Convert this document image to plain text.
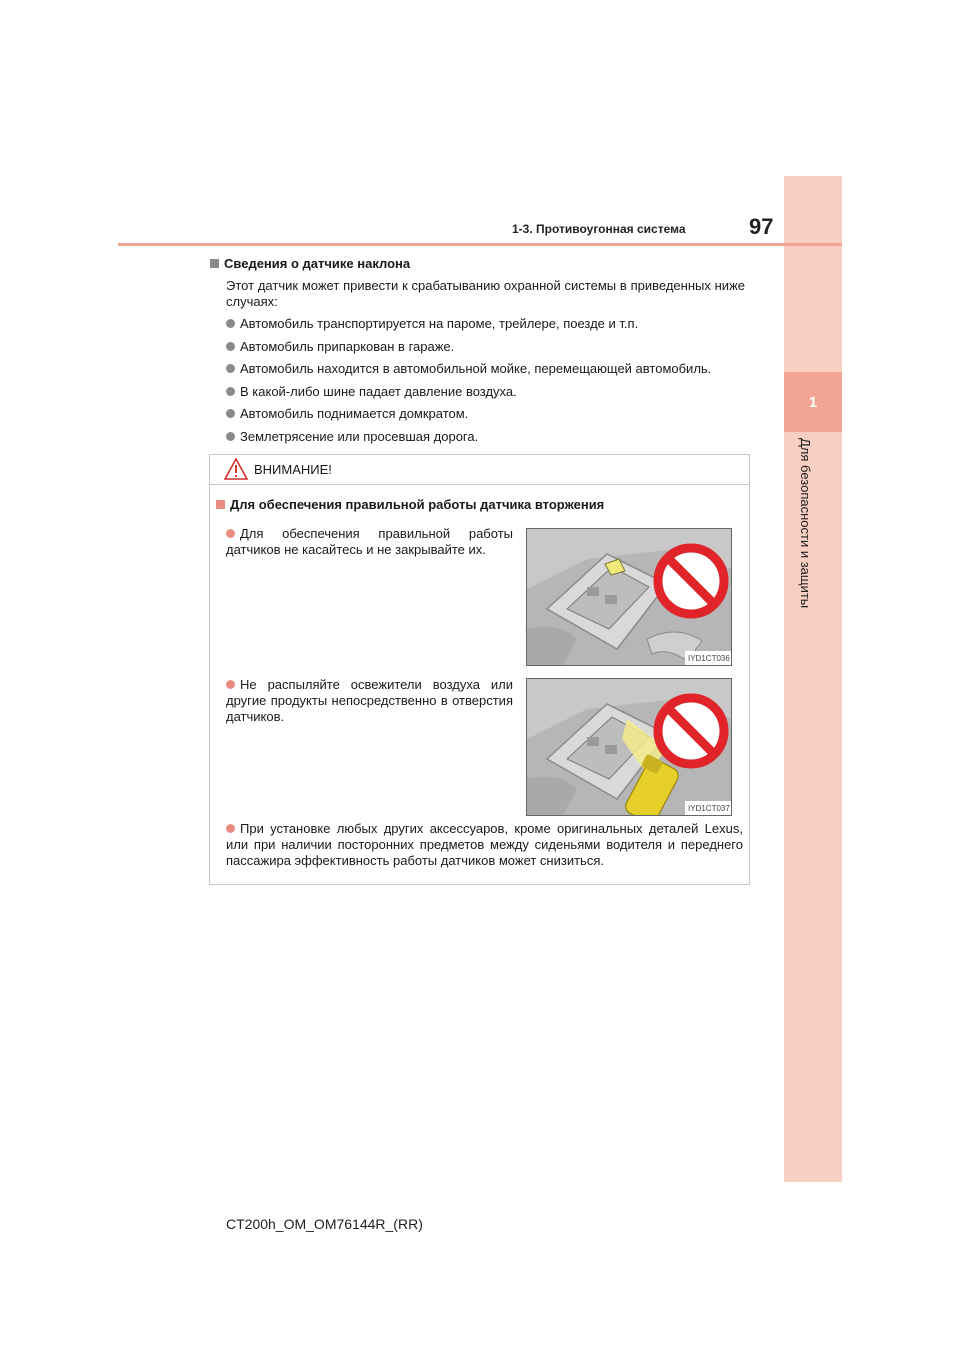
1
Для безопасности и защиты
1-3. Противоугонная система	97
Сведения о датчике наклона
Этот датчик может привести к срабатыванию охранной системы в приведенных ниже случаях:
Автомобиль транспортируется на пароме, трейлере, поезде и т.п.
Автомобиль припаркован в гараже.
Автомобиль находится в автомобильной мойке, перемещающей автомобиль.
В какой-либо шине падает давление воздуха.
Автомобиль поднимается домкратом.
Землетрясение или просевшая дорога.
ВНИМАНИЕ!
Для обеспечения правильной работы датчика вторжения
Для обеспечения правильной работы датчиков не касайтесь и не закрывайте их.
IYD1CT036
Не распыляйте освежители воздуха или другие продукты непосредственно в отверстия датчиков.
IYD1CT037
При установке любых других аксессуаров, кроме оригинальных деталей Lexus, или при наличии посторонних предметов между сиденьями водителя и переднего пассажира эффективность работы датчиков может снизиться.
CT200h_OM_OM76144R_(RR)
